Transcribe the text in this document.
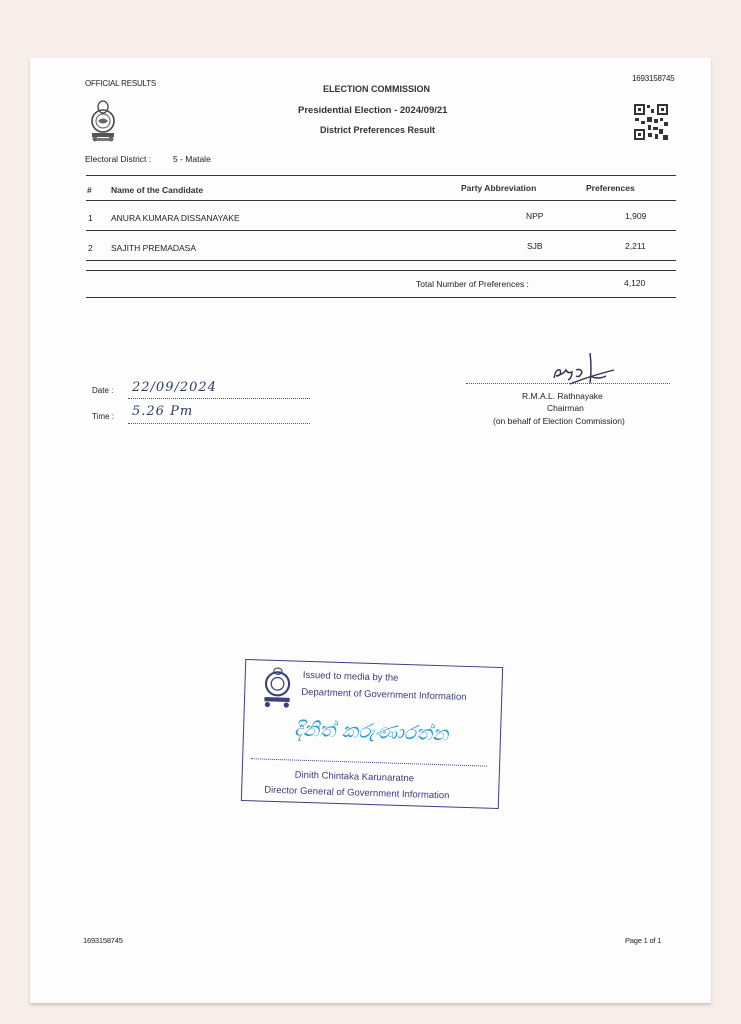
OFFICIAL RESULTS
1693158745
ELECTION COMMISSION
Presidential Election - 2024/09/21
District Preferences Result
Electoral District :	5 - Matale
# Name of the Candidate	Party Abbreviation	Preferences
1 ANURA KUMARA DISSANAYAKE	NPP	1,909
2 SAJITH PREMADASA	SJB	2,211
Total Number of Preferences :	4,120
Date : 22/09/2024
Time : 5.26 Pm
R.M.A.L. Rathnayake
Chairman
(on behalf of Election Commission)
Issued to media by the
Department of Government Information
දිනිත් කරුණාරත්න
Dinith Chintaka Karunaratne
Director General of Government Information
1693158745	Page 1 of 1
